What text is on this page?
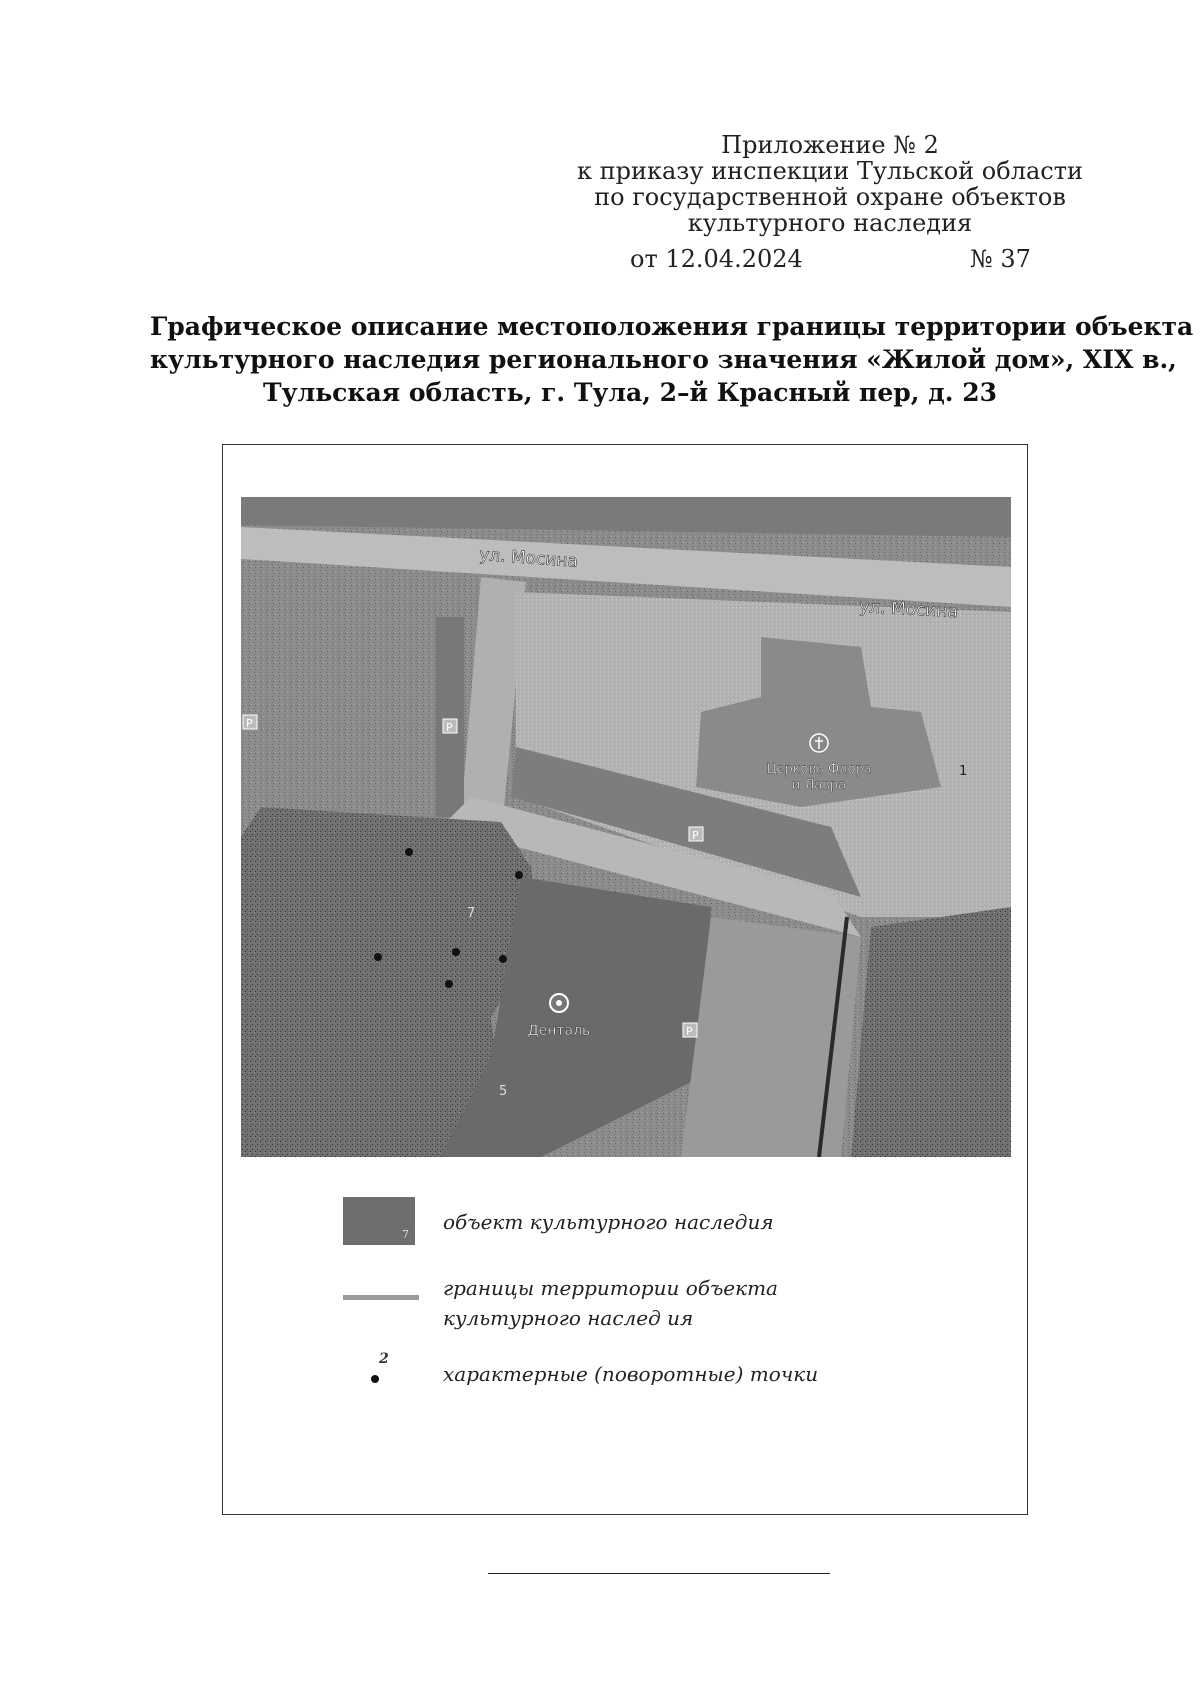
Приложение № 2
к приказу инспекции Тульской области
по государственной охране объектов
культурного наследия
от 12.04.2024	№ 37
Графическое описание местоположения границы территории объекта
культурного наследия регионального значения «Жилой дом», XIX в.,
Тульская область, г. Тула, 2–й Красный пер, д. 23
ул. Мосина
ул. Мосина
Церковь Флора
и Лавра
Денталь
P	P
P
P
1
7
5
7
объект культурного наследия
границы территории объекта
культурного наслед ия
2
характерные (поворотные) точки
